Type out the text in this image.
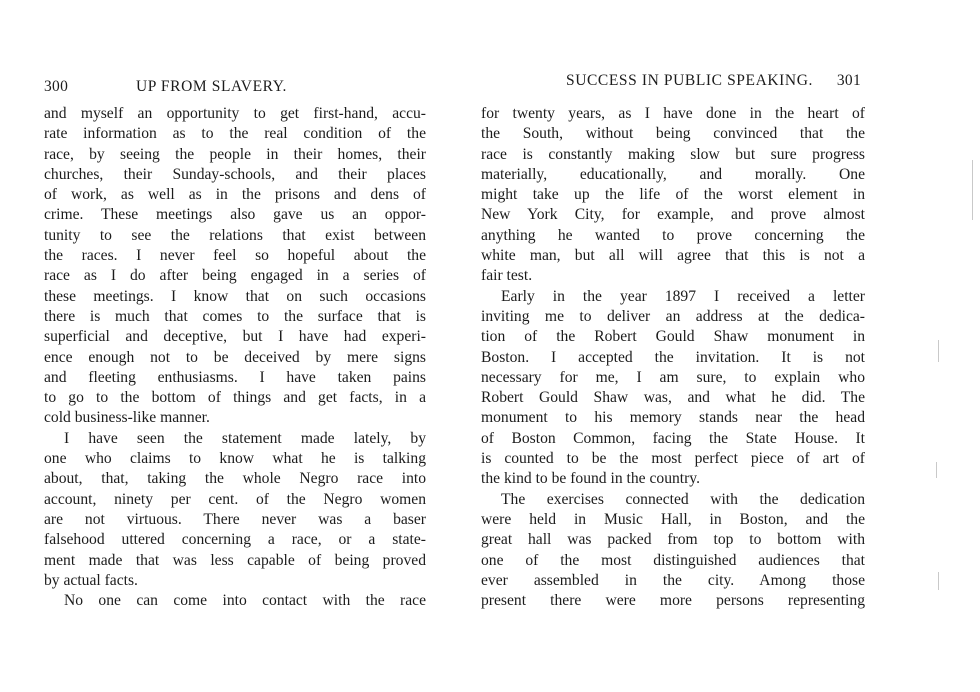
300	UP FROM SLAVERY.
and myself an opportunity to get first-hand, accu-
rate information as to the real condition of the
race, by seeing the people in their homes, their
churches, their Sunday-schools, and their places
of work, as well as in the prisons and dens of
crime. These meetings also gave us an oppor-
tunity to see the relations that exist between
the races. I never feel so hopeful about the
race as I do after being engaged in a series of
these meetings. I know that on such occasions
there is much that comes to the surface that is
superficial and deceptive, but I have had experi-
ence enough not to be deceived by mere signs
and fleeting enthusiasms. I have taken pains
to go to the bottom of things and get facts, in a
cold business-like manner.
I have seen the statement made lately, by
one who claims to know what he is talking
about, that, taking the whole Negro race into
account, ninety per cent. of the Negro women
are not virtuous. There never was a baser
falsehood uttered concerning a race, or a state-
ment made that was less capable of being proved
by actual facts.
No one can come into contact with the race
SUCCESS IN PUBLIC SPEAKING. 301
for twenty years, as I have done in the heart of
the South, without being convinced that the
race is constantly making slow but sure progress
materially, educationally, and morally. One
might take up the life of the worst element in
New York City, for example, and prove almost
anything he wanted to prove concerning the
white man, but all will agree that this is not a
fair test.
Early in the year 1897 I received a letter
inviting me to deliver an address at the dedica-
tion of the Robert Gould Shaw monument in
Boston. I accepted the invitation. It is not
necessary for me, I am sure, to explain who
Robert Gould Shaw was, and what he did. The
monument to his memory stands near the head
of Boston Common, facing the State House. It
is counted to be the most perfect piece of art of
the kind to be found in the country.
The exercises connected with the dedication
were held in Music Hall, in Boston, and the
great hall was packed from top to bottom with
one of the most distinguished audiences that
ever assembled in the city. Among those
present there were more persons representing
